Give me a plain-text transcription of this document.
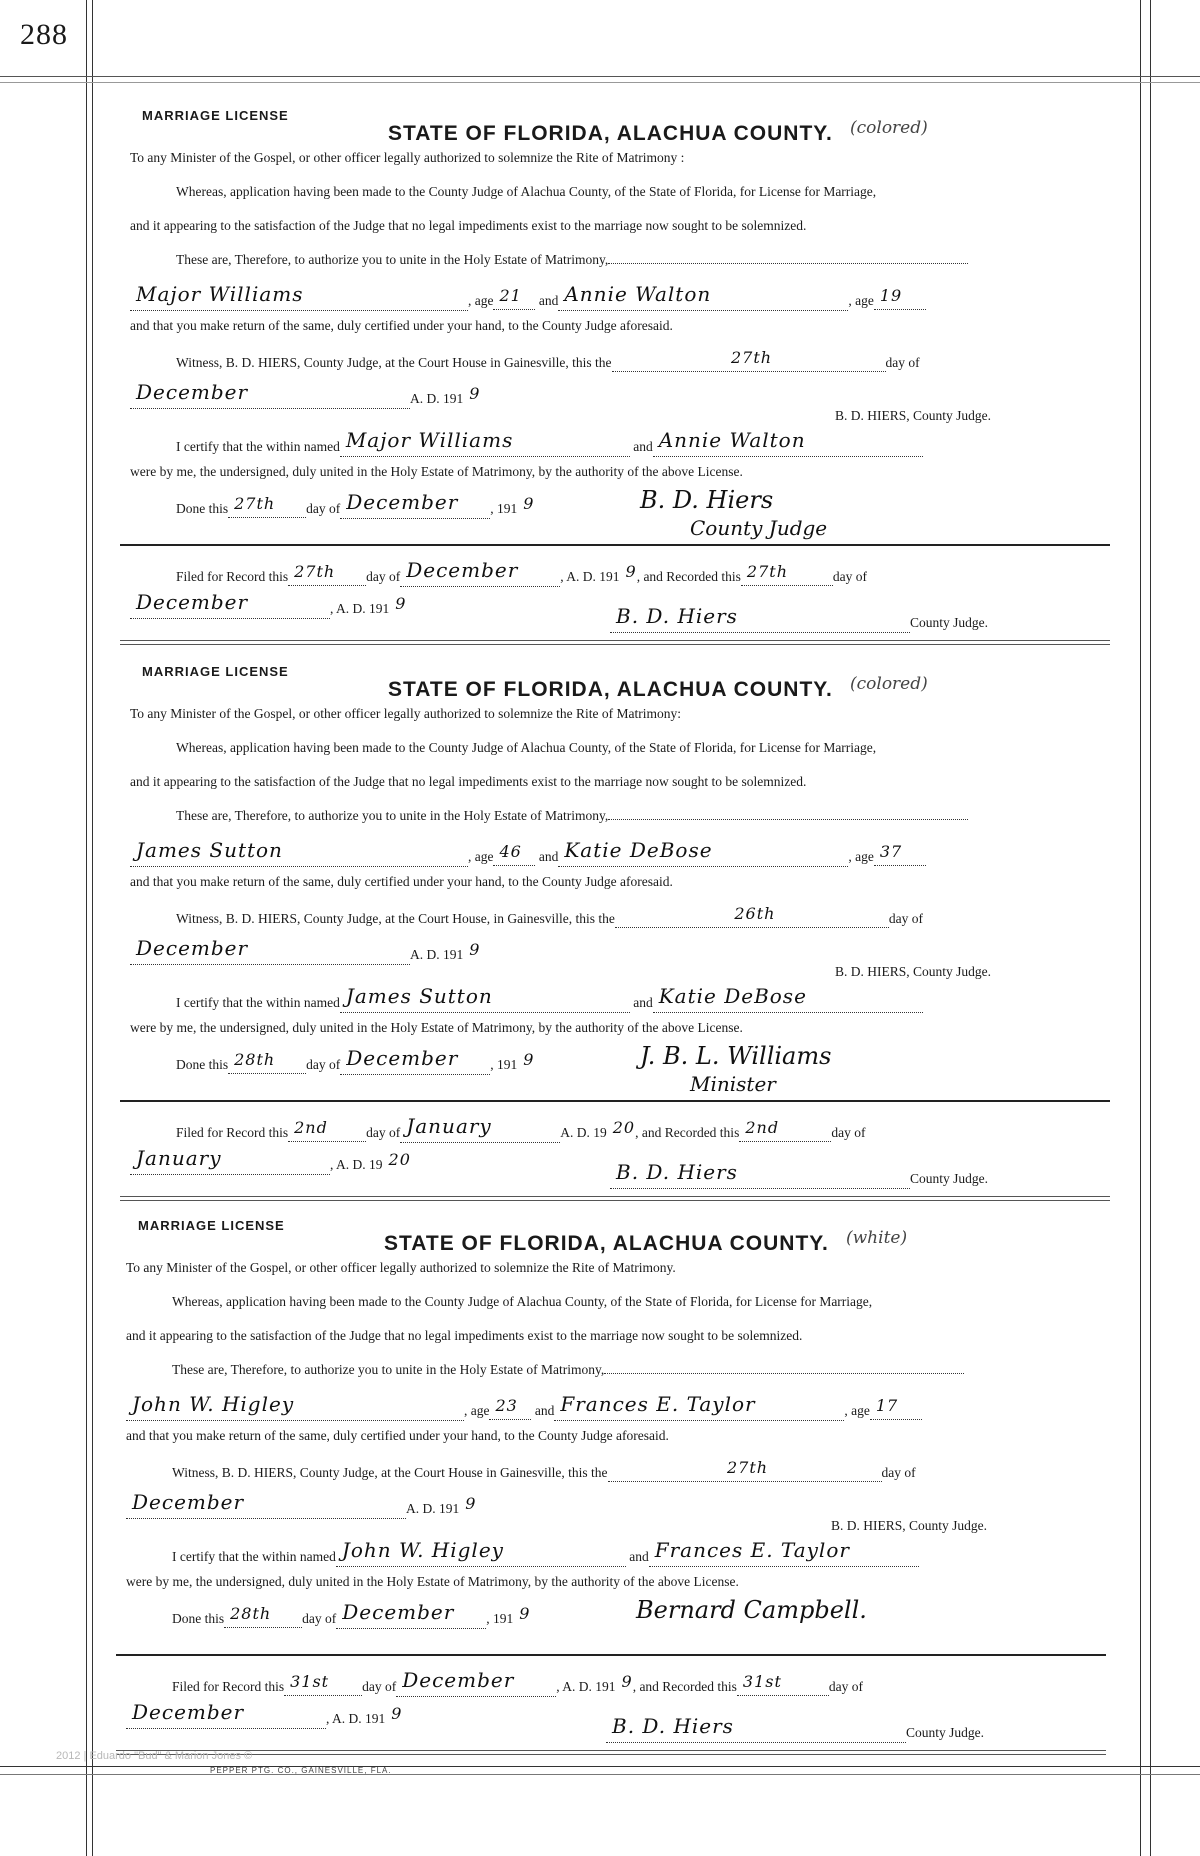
288
MARRIAGE LICENSE
STATE OF FLORIDA, ALACHUA COUNTY. (colored)
To any Minister of the Gospel, or other officer legally authorized to solemnize the Rite of Matrimony :
Whereas, application having been made to the County Judge of Alachua County, of the State of Florida, for License for Marriage,
and it appearing to the satisfaction of the Judge that no legal impediments exist to the marriage now sought to be solemnized.
These are, Therefore, to authorize you to unite in the Holy Estate of Matrimony,
Major Williams	, age 21 and Annie Walton	, age 19
and that you make return of the same, duly certified under your hand, to the County Judge aforesaid.
Witness, B. D. HIERS, County Judge, at the Court House in Gainesville, this the	27th	day of
December	A. D. 191 9
B. D. HIERS, County Judge.
I certify that the within named Major Williams	and Annie Walton
were by me, the undersigned, duly united in the Holy Estate of Matrimony, by the authority of the above License.
Done this 27th day of December , 191 9	B. D. Hiers
County Judge
Filed for Record this 27th day of December	, A. D. 191 9, and Recorded this 27th	day of
December	, A. D. 191 9
B. D. Hiers	County Judge.
MARRIAGE LICENSE
STATE OF FLORIDA, ALACHUA COUNTY. (colored)
To any Minister of the Gospel, or other officer legally authorized to solemnize the Rite of Matrimony:
Whereas, application having been made to the County Judge of Alachua County, of the State of Florida, for License for Marriage,
and it appearing to the satisfaction of the Judge that no legal impediments exist to the marriage now sought to be solemnized.
These are, Therefore, to authorize you to unite in the Holy Estate of Matrimony,
James Sutton	, age 46 and Katie DeBose	, age 37
and that you make return of the same, duly certified under your hand, to the County Judge aforesaid.
Witness, B. D. HIERS, County Judge, at the Court House, in Gainesville, this the	26th	day of
December	A. D. 191 9
B. D. HIERS, County Judge.
I certify that the within named James Sutton	and Katie DeBose
were by me, the undersigned, duly united in the Holy Estate of Matrimony, by the authority of the above License.
Done this 28th day of December , 191 9	J. B. L. Williams
Minister
Filed for Record this 2nd	day of January	A. D. 19 20, and Recorded this 2nd	day of
January	, A. D. 19 20
B. D. Hiers	County Judge.
MARRIAGE LICENSE
STATE OF FLORIDA, ALACHUA COUNTY. (white)
To any Minister of the Gospel, or other officer legally authorized to solemnize the Rite of Matrimony.
Whereas, application having been made to the County Judge of Alachua County, of the State of Florida, for License for Marriage,
and it appearing to the satisfaction of the Judge that no legal impediments exist to the marriage now sought to be solemnized.
These are, Therefore, to authorize you to unite in the Holy Estate of Matrimony,
John W. Higley	, age 23 and Frances E. Taylor	, age 17
and that you make return of the same, duly certified under your hand, to the County Judge aforesaid.
Witness, B. D. HIERS, County Judge, at the Court House in Gainesville, this the	27th	day of
December	A. D. 191 9
B. D. HIERS, County Judge.
I certify that the within named John W. Higley	and Frances E. Taylor
were by me, the undersigned, duly united in the Holy Estate of Matrimony, by the authority of the above License.
Done this 28th day of December , 191 9	Bernard Campbell.
Filed for Record this 31st day of December	, A. D. 191 9, and Recorded this 31st	day of
December	, A. D. 191 9
B. D. Hiers	County Judge.
2012 | Eduardo "Bud" & Marion Jones ©
PEPPER PTG. CO., GAINESVILLE, FLA.
